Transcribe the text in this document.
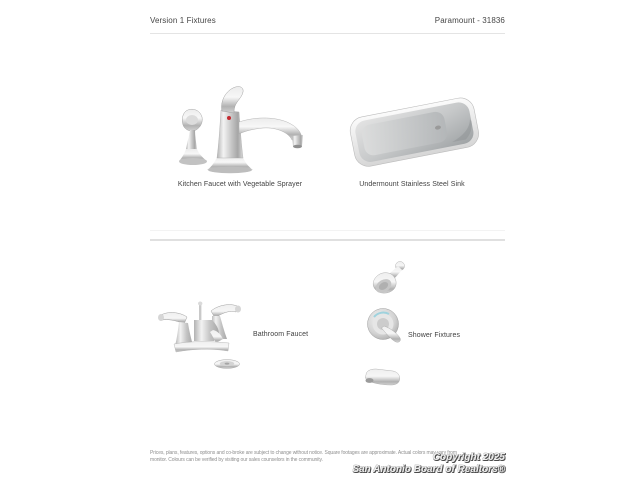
Version 1 Fixtures	Paramount - 31836
Kitchen Faucet with Vegetable Sprayer	Undermount Stainless Steel Sink
Bathroom Faucet	Shower Fixtures
Prices, plans, features, options and co-broke are subject to change without notice. Square footages are approximate. Actual colors may vary from
monitor. Colours can be verified by visiting our sales counselors in the community.	Copyright 2025
San Antonio Board of Realtors®
